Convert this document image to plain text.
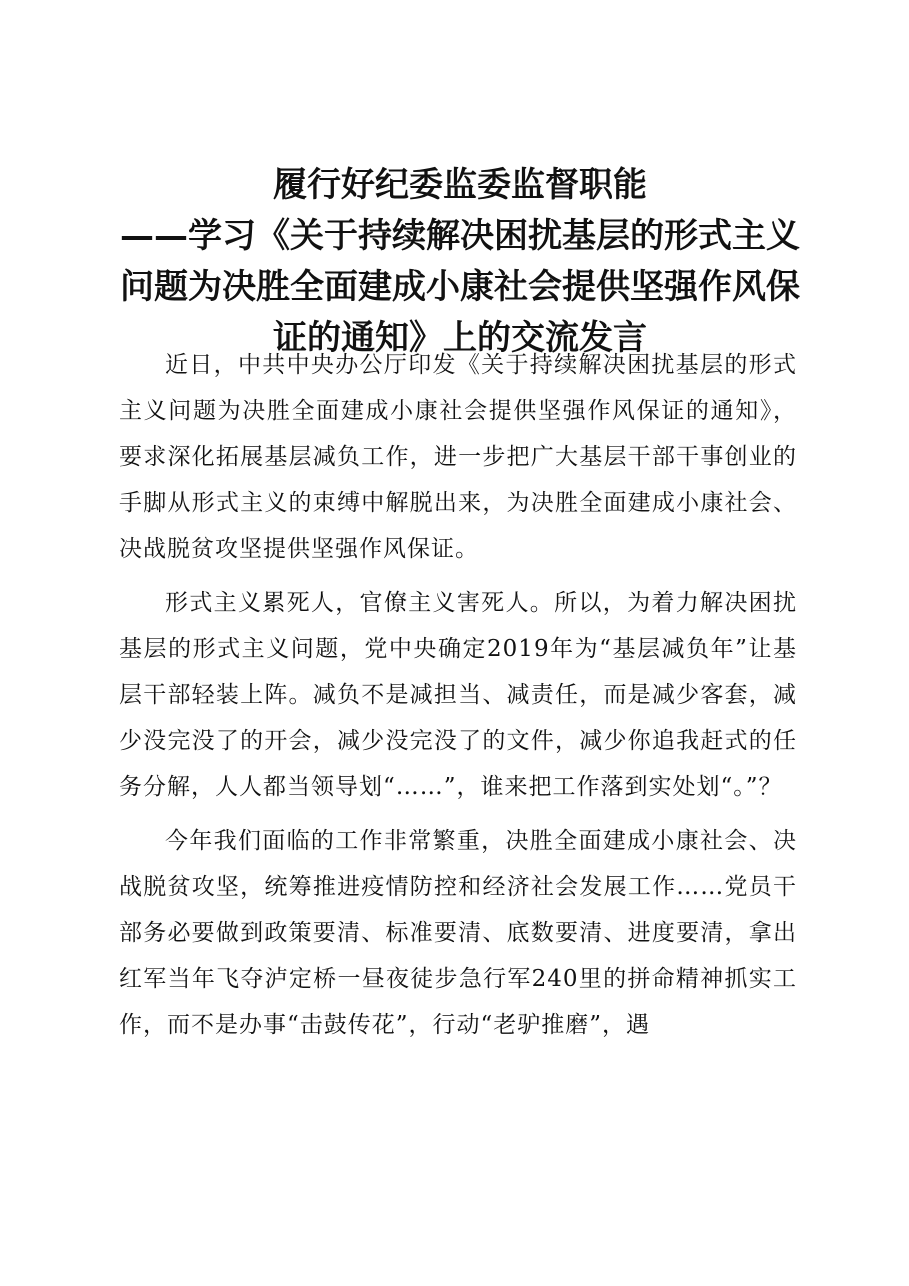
履行好纪委监委监督职能
——学习《关于持续解决困扰基层的形式主义
问题为决胜全面建成小康社会提供坚强作风保
证的通知》上的交流发言

近日，中共中央办公厅印发《关于持续解决困扰基层的形式主义问题为决胜全面建成小康社会提供坚强作风保证的通知》，要求深化拓展基层减负工作，进一步把广大基层干部干事创业的手脚从形式主义的束缚中解脱出来，为决胜全面建成小康社会、决战脱贫攻坚提供坚强作风保证。

形式主义累死人，官僚主义害死人。所以，为着力解决困扰基层的形式主义问题，党中央确定2019年为“基层减负年”让基层干部轻装上阵。减负不是减担当、减责任，而是减少客套，减少没完没了的开会，减少没完没了的文件，减少你追我赶式的任务分解，人人都当领导划“……”，谁来把工作落到实处划“。”？

今年我们面临的工作非常繁重，决胜全面建成小康社会、决战脱贫攻坚，统筹推进疫情防控和经济社会发展工作……党员干部务必要做到政策要清、标准要清、底数要清、进度要清，拿出红军当年飞夺泸定桥一昼夜徒步急行军240里的拼命精神抓实工作，而不是办事“击鼓传花”，行动“老驴推磨”，遇
